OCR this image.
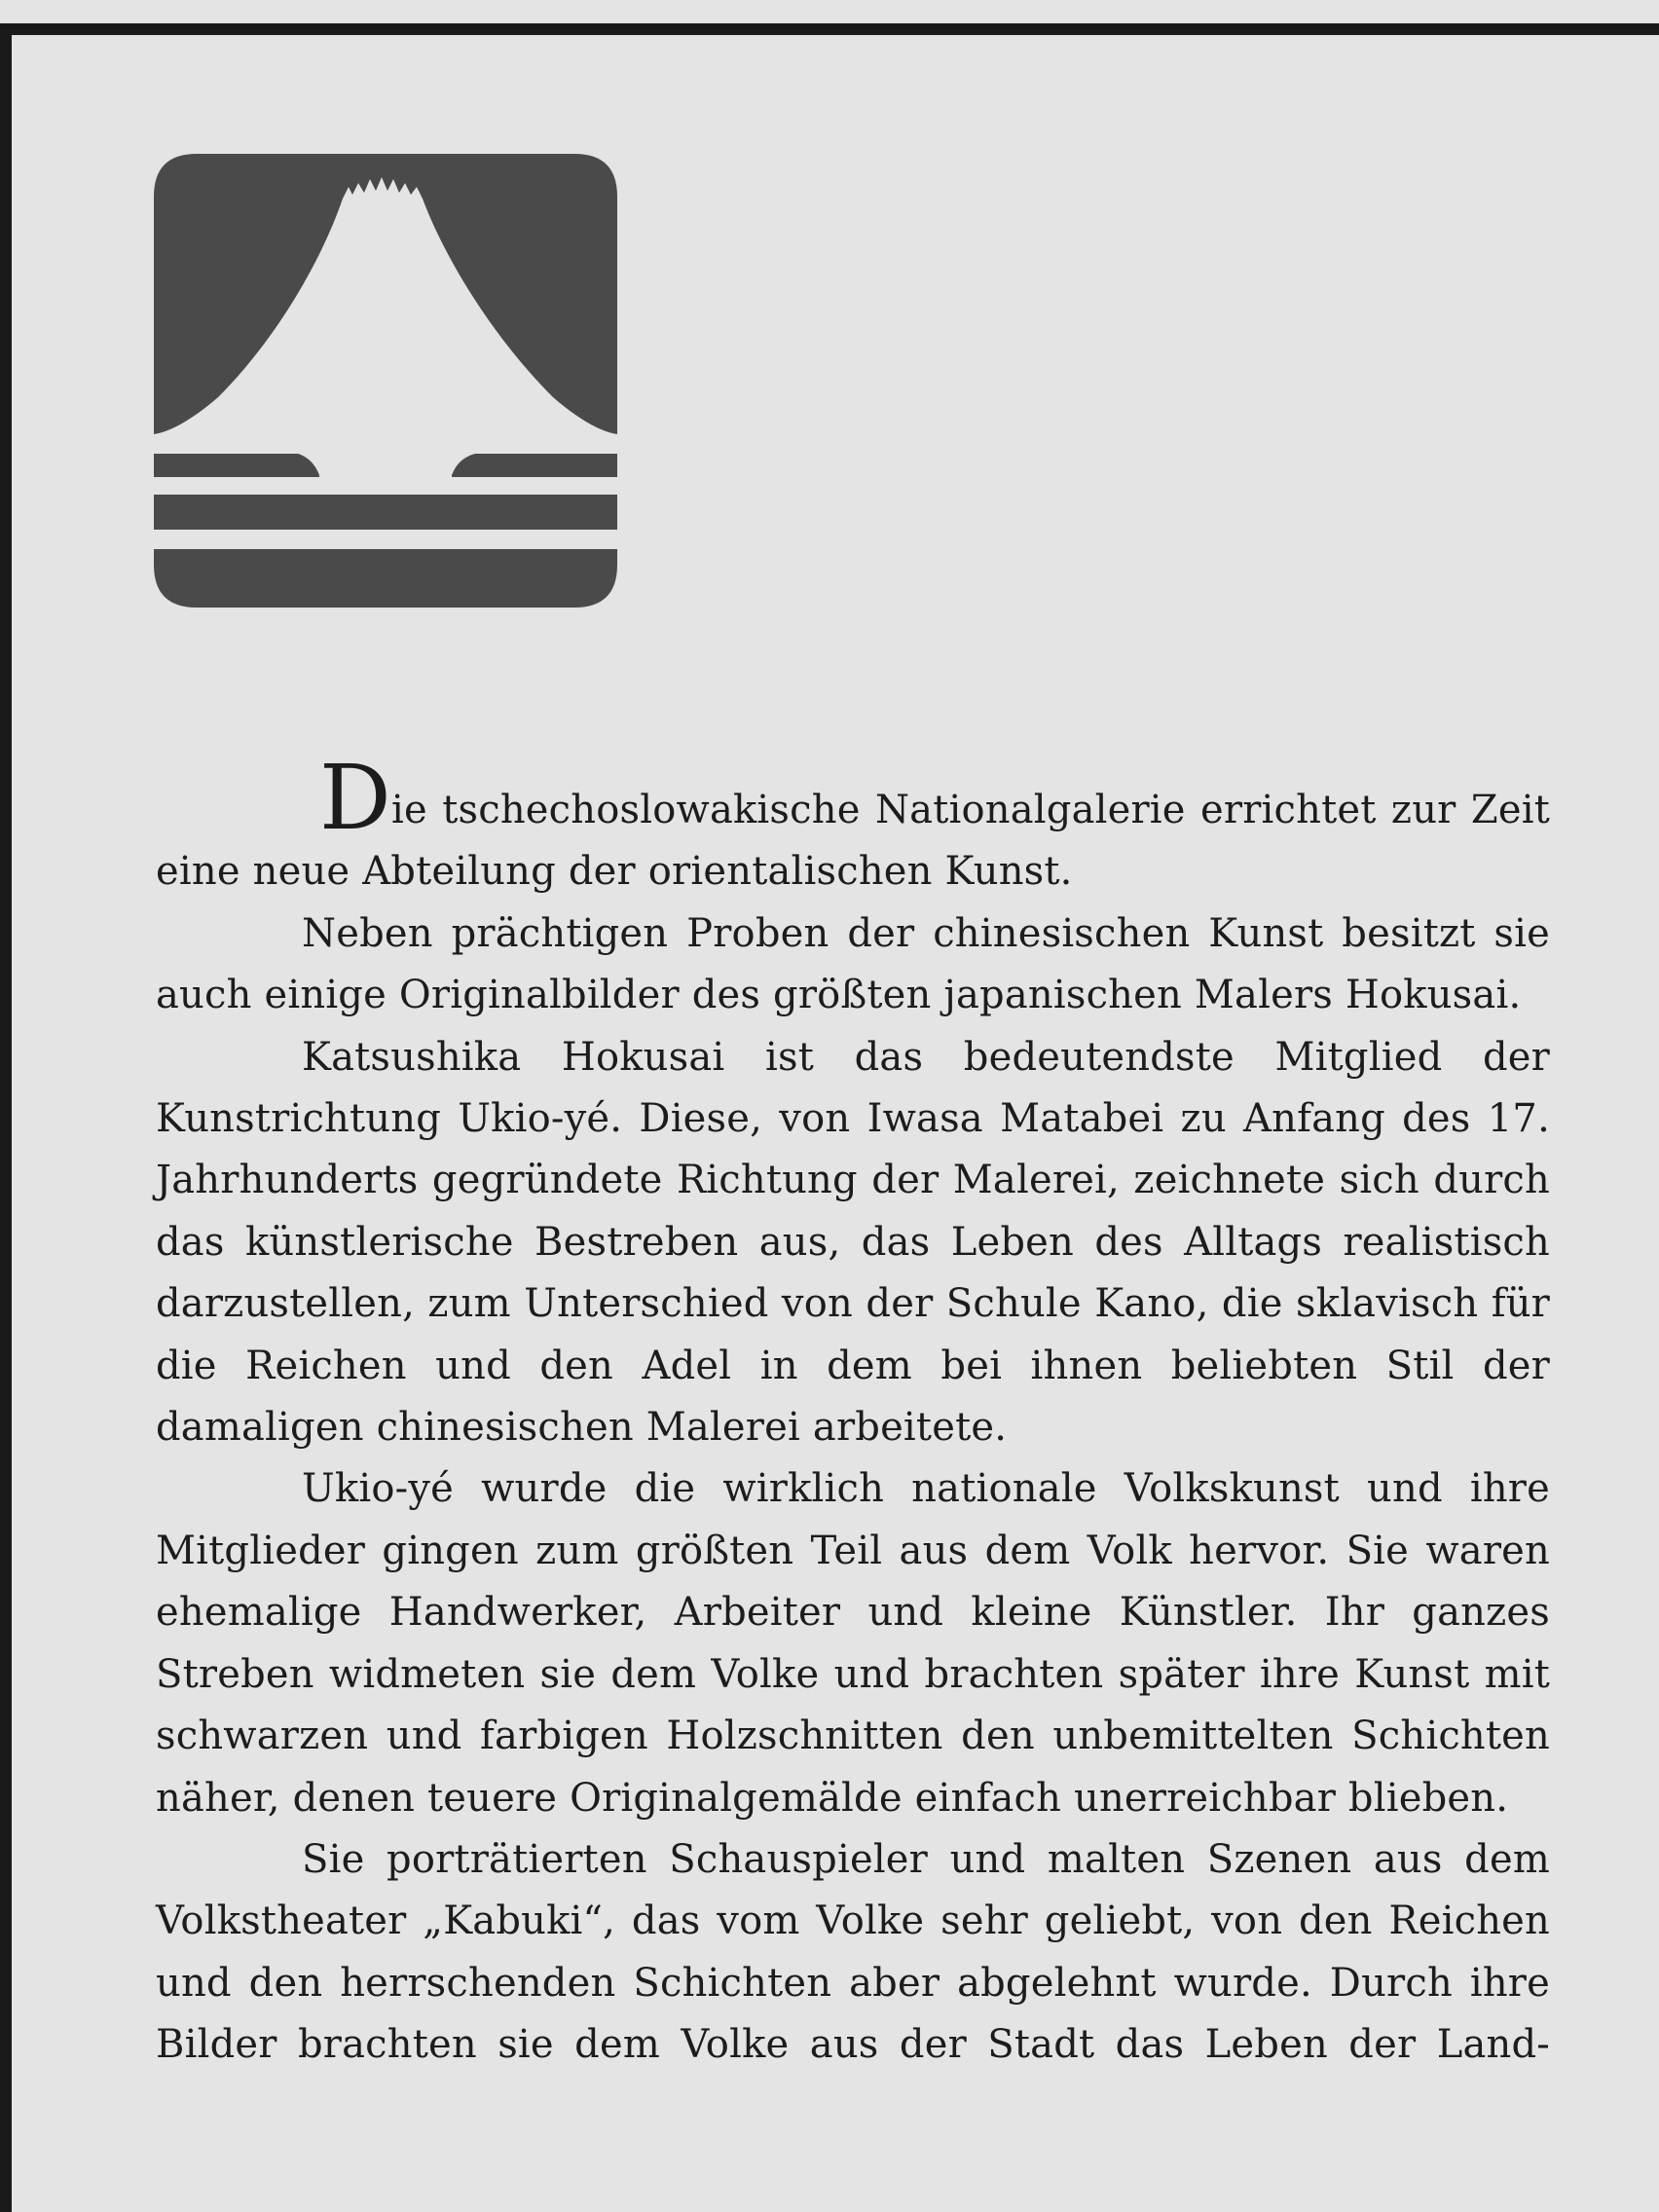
Die tschechoslowakische Nationalgalerie errichtet zur Zeit
eine neue Abteilung der orientalischen Kunst.

Neben prächtigen Proben der chinesischen Kunst besitzt sie auch einige Originalbilder des größten japanischen Malers Hokusai.

Katsushika Hokusai ist das bedeutendste Mitglied der Kunstrichtung Ukio-yé. Diese, von Iwasa Matabei zu Anfang des 17. Jahrhunderts gegründete Richtung der Malerei, zeichnete sich durch das künstlerische Bestreben aus, das Leben des Alltags realistisch darzustellen, zum Unterschied von der Schule Kano, die sklavisch für die Reichen und den Adel in dem bei ihnen beliebten Stil der damaligen chinesischen Malerei arbeitete.

Ukio-yé wurde die wirklich nationale Volkskunst und ihre Mitglieder gingen zum größten Teil aus dem Volk hervor. Sie waren ehemalige Handwerker, Arbeiter und kleine Künstler. Ihr ganzes Streben widmeten sie dem Volke und brachten später ihre Kunst mit schwarzen und farbigen Holzschnitten den unbemittelten Schichten näher, denen teuere Originalgemälde einfach unerreichbar blieben.

Sie porträtierten Schauspieler und malten Szenen aus dem Volkstheater „Kabuki“, das vom Volke sehr geliebt, von den Reichen und den herrschenden Schichten aber abgelehnt wurde. Durch ihre Bilder brachten sie dem Volke aus der Stadt das Leben der Land-
